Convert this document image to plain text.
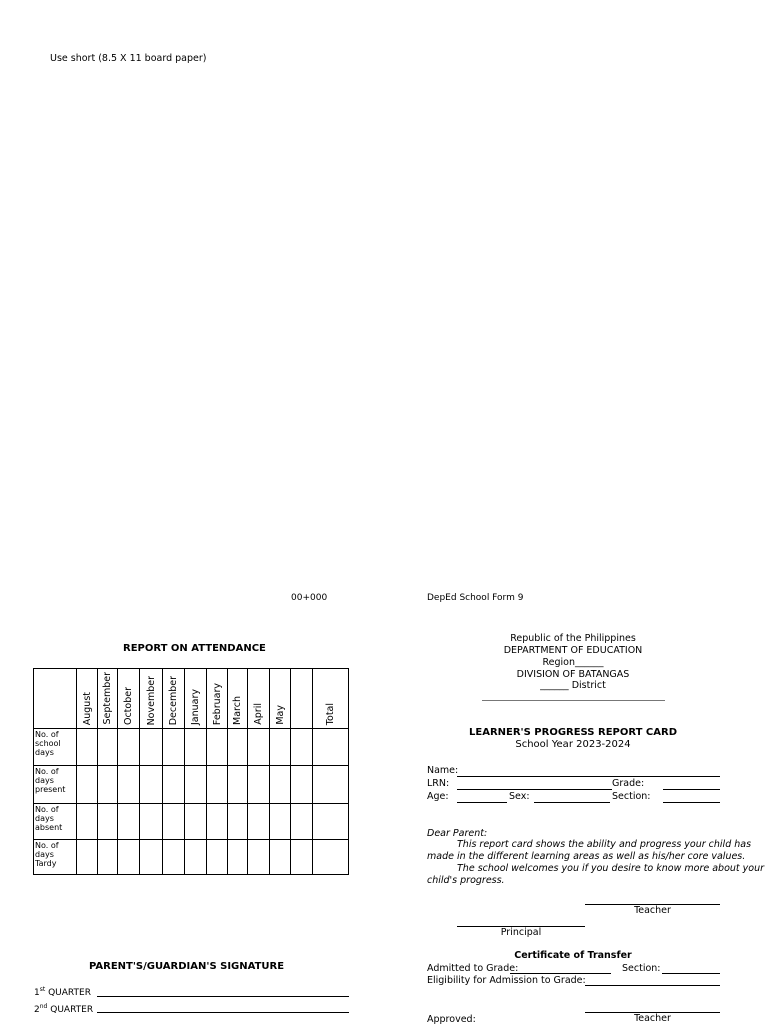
Use short (8.5 X 11 board paper)
00+000	DepEd School Form 9
REPORT ON ATTENDANCE

	August	September	October	November	December	January	February	March	April	May		Total

No. of school days												
No. of days present												
No. of days absent												
No. of days Tardy												
PARENT'S/GUARDIAN'S SIGNATURE
1st QUARTER
2nd QUARTER
Republic of the Philippines
DEPARTMENT OF EDUCATION
Region______
DIVISION OF BATANGAS
______ District
LEARNER'S PROGRESS REPORT CARD
School Year 2023-2024
Name:
LRN:	Grade:
Age:	Sex:	Section:
Dear Parent:
This report card shows the ability and progress your child has
made in the different learning areas as well as his/her core values.
The school welcomes you if you desire to know more about your
child's progress.
Teacher
Principal
Certificate of Transfer
Admitted to Grade:	Section:
Eligibility for Admission to Grade:
Approved:	Teacher
